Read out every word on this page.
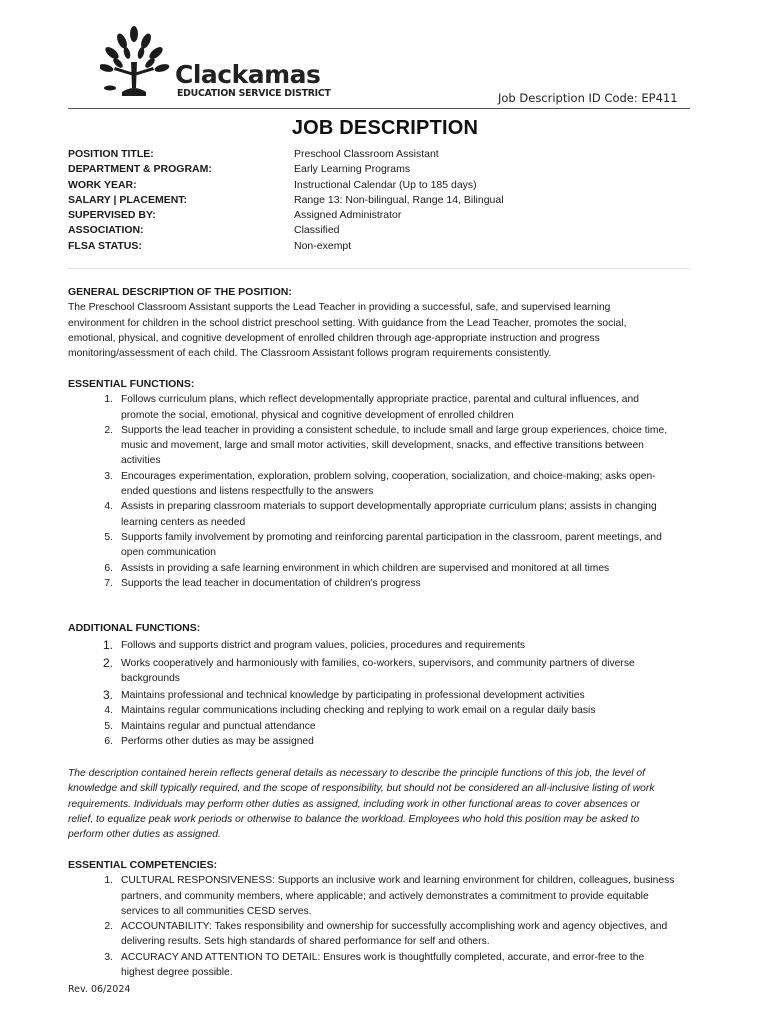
Clackamas
EDUCATION SERVICE DISTRICT	Job Description ID Code: EP411
JOB DESCRIPTION
POSITION TITLE:	Preschool Classroom Assistant
DEPARTMENT & PROGRAM:	Early Learning Programs
WORK YEAR:	Instructional Calendar (Up to 185 days)
SALARY | PLACEMENT:	Range 13: Non-bilingual, Range 14, Bilingual
SUPERVISED BY:	Assigned Administrator
ASSOCIATION:	Classified
FLSA STATUS:	Non-exempt
GENERAL DESCRIPTION OF THE POSITION:
The Preschool Classroom Assistant supports the Lead Teacher in providing a successful, safe, and supervised learning
environment for children in the school district preschool setting. With guidance from the Lead Teacher, promotes the social,
emotional, physical, and cognitive development of enrolled children through age-appropriate instruction and progress
monitoring/assessment of each child. The Classroom Assistant follows program requirements consistently.
ESSENTIAL FUNCTIONS:
1. Follows curriculum plans, which reflect developmentally appropriate practice, parental and cultural influences, and
promote the social, emotional, physical and cognitive development of enrolled children
2. Supports the lead teacher in providing a consistent schedule, to include small and large group experiences, choice time,
music and movement, large and small motor activities, skill development, snacks, and effective transitions between
activities
3. Encourages experimentation, exploration, problem solving, cooperation, socialization, and choice-making; asks open-
ended questions and listens respectfully to the answers
4. Assists in preparing classroom materials to support developmentally appropriate curriculum plans; assists in changing
learning centers as needed
5. Supports family involvement by promoting and reinforcing parental participation in the classroom, parent meetings, and
open communication
6. Assists in providing a safe learning environment in which children are supervised and monitored at all times
7. Supports the lead teacher in documentation of children's progress
ADDITIONAL FUNCTIONS:
1. Follows and supports district and program values, policies, procedures and requirements
2. Works cooperatively and harmoniously with families, co-workers, supervisors, and community partners of diverse
backgrounds
3. Maintains professional and technical knowledge by participating in professional development activities
4. Maintains regular communications including checking and replying to work email on a regular daily basis
5. Maintains regular and punctual attendance
6. Performs other duties as may be assigned
The description contained herein reflects general details as necessary to describe the principle functions of this job, the level of
knowledge and skill typically required, and the scope of responsibility, but should not be considered an all-inclusive listing of work
requirements. Individuals may perform other duties as assigned, including work in other functional areas to cover absences or
relief, to equalize peak work periods or otherwise to balance the workload. Employees who hold this position may be asked to
perform other duties as assigned.
ESSENTIAL COMPETENCIES:
1. CULTURAL RESPONSIVENESS: Supports an inclusive work and learning environment for children, colleagues, business
partners, and community members, where applicable; and actively demonstrates a commitment to provide equitable
services to all communities CESD serves.
2. ACCOUNTABILITY: Takes responsibility and ownership for successfully accomplishing work and agency objectives, and
delivering results. Sets high standards of shared performance for self and others.
3. ACCURACY AND ATTENTION TO DETAIL: Ensures work is thoughtfully completed, accurate, and error-free to the
highest degree possible.
Rev. 06/2024
